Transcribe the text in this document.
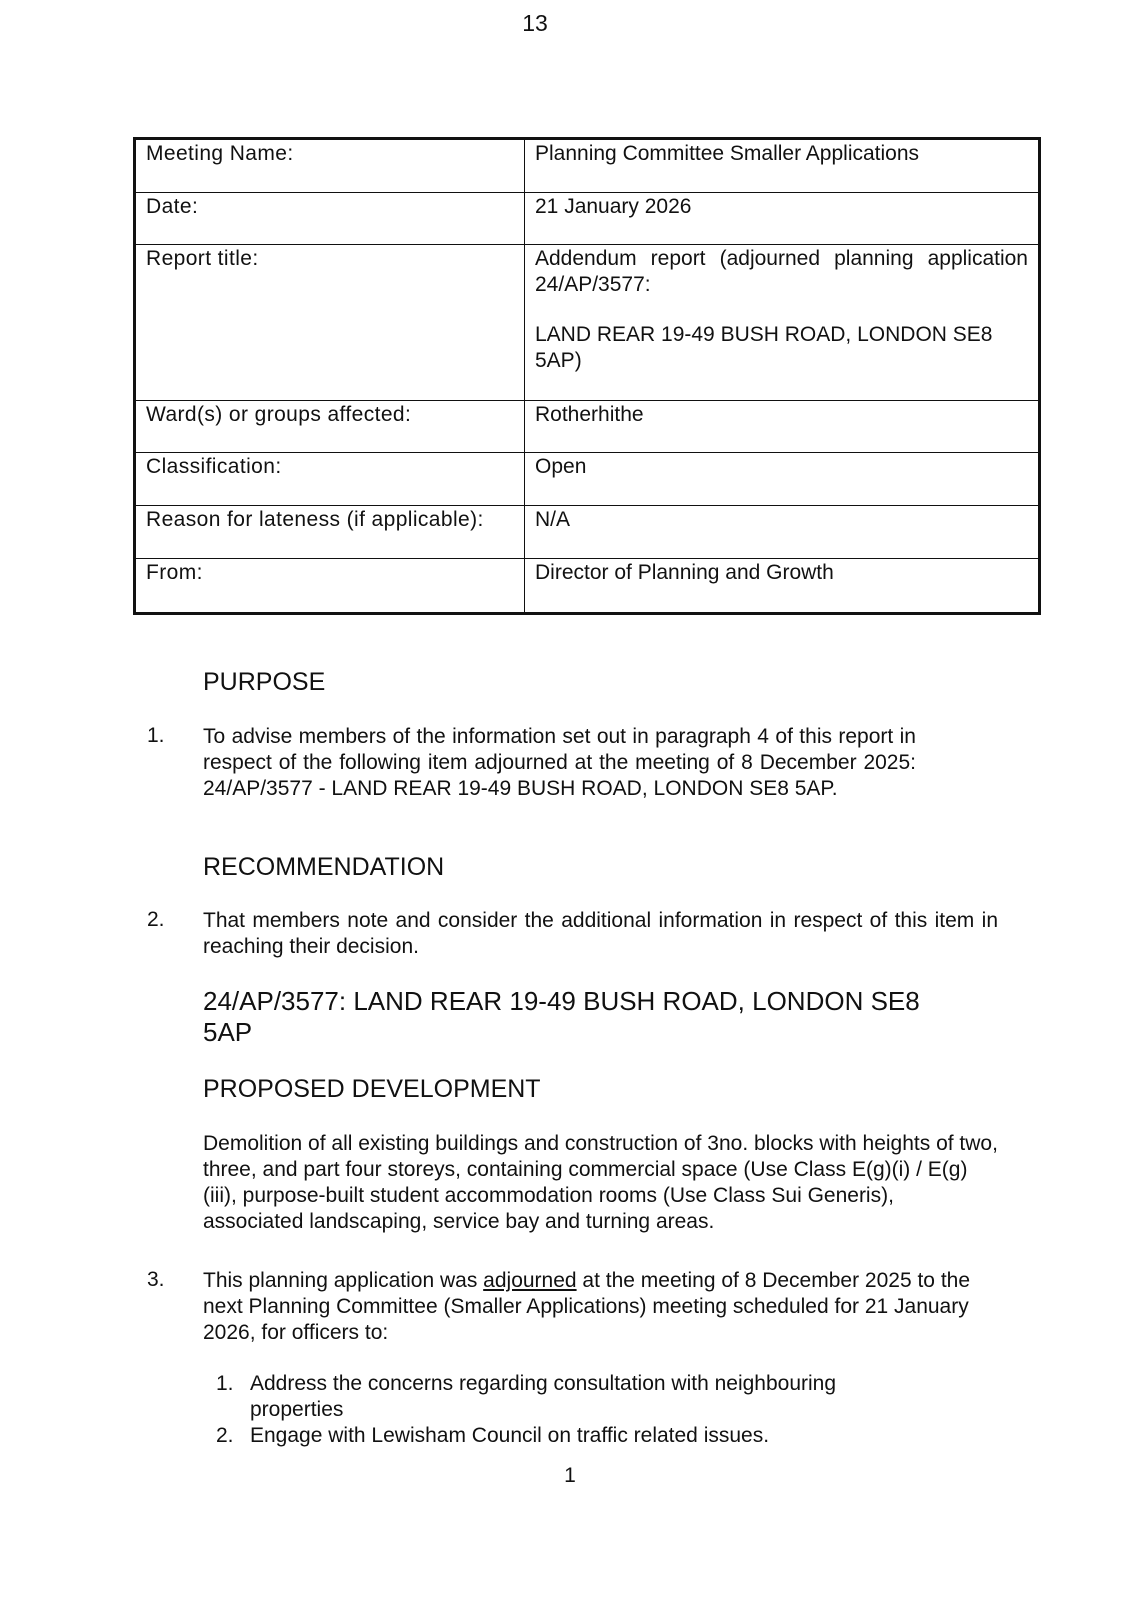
13
Meeting Name:	Planning Committee Smaller Applications
Date:	21 January 2026
Report title:	Addendum report (adjourned planning application 24/AP/3577:
LAND REAR 19-49 BUSH ROAD, LONDON SE8 5AP)

Ward(s) or groups affected:	Rotherhithe
Classification:	Open
Reason for lateness (if applicable):	N/A
From:	Director of Planning and Growth
PURPOSE
1. To advise members of the information set out in paragraph 4 of this report in respect of the following item adjourned at the meeting of 8 December 2025: 24/AP/3577 - LAND REAR 19-49 BUSH ROAD, LONDON SE8 5AP.
RECOMMENDATION
2. That members note and consider the additional information in respect of this item in reaching their decision.
24/AP/3577: LAND REAR 19-49 BUSH ROAD, LONDON SE8 5AP
PROPOSED DEVELOPMENT
Demolition of all existing buildings and construction of 3no. blocks with heights of two, three, and part four storeys, containing commercial space (Use Class E(g)(i) / E(g) (iii), purpose-built student accommodation rooms (Use Class Sui Generis), associated landscaping, service bay and turning areas.
3. This planning application was adjourned at the meeting of 8 December 2025 to the next Planning Committee (Smaller Applications) meeting scheduled for 21 January 2026, for officers to:
1. Address the concerns regarding consultation with neighbouring properties
2. Engage with Lewisham Council on traffic related issues.
1
